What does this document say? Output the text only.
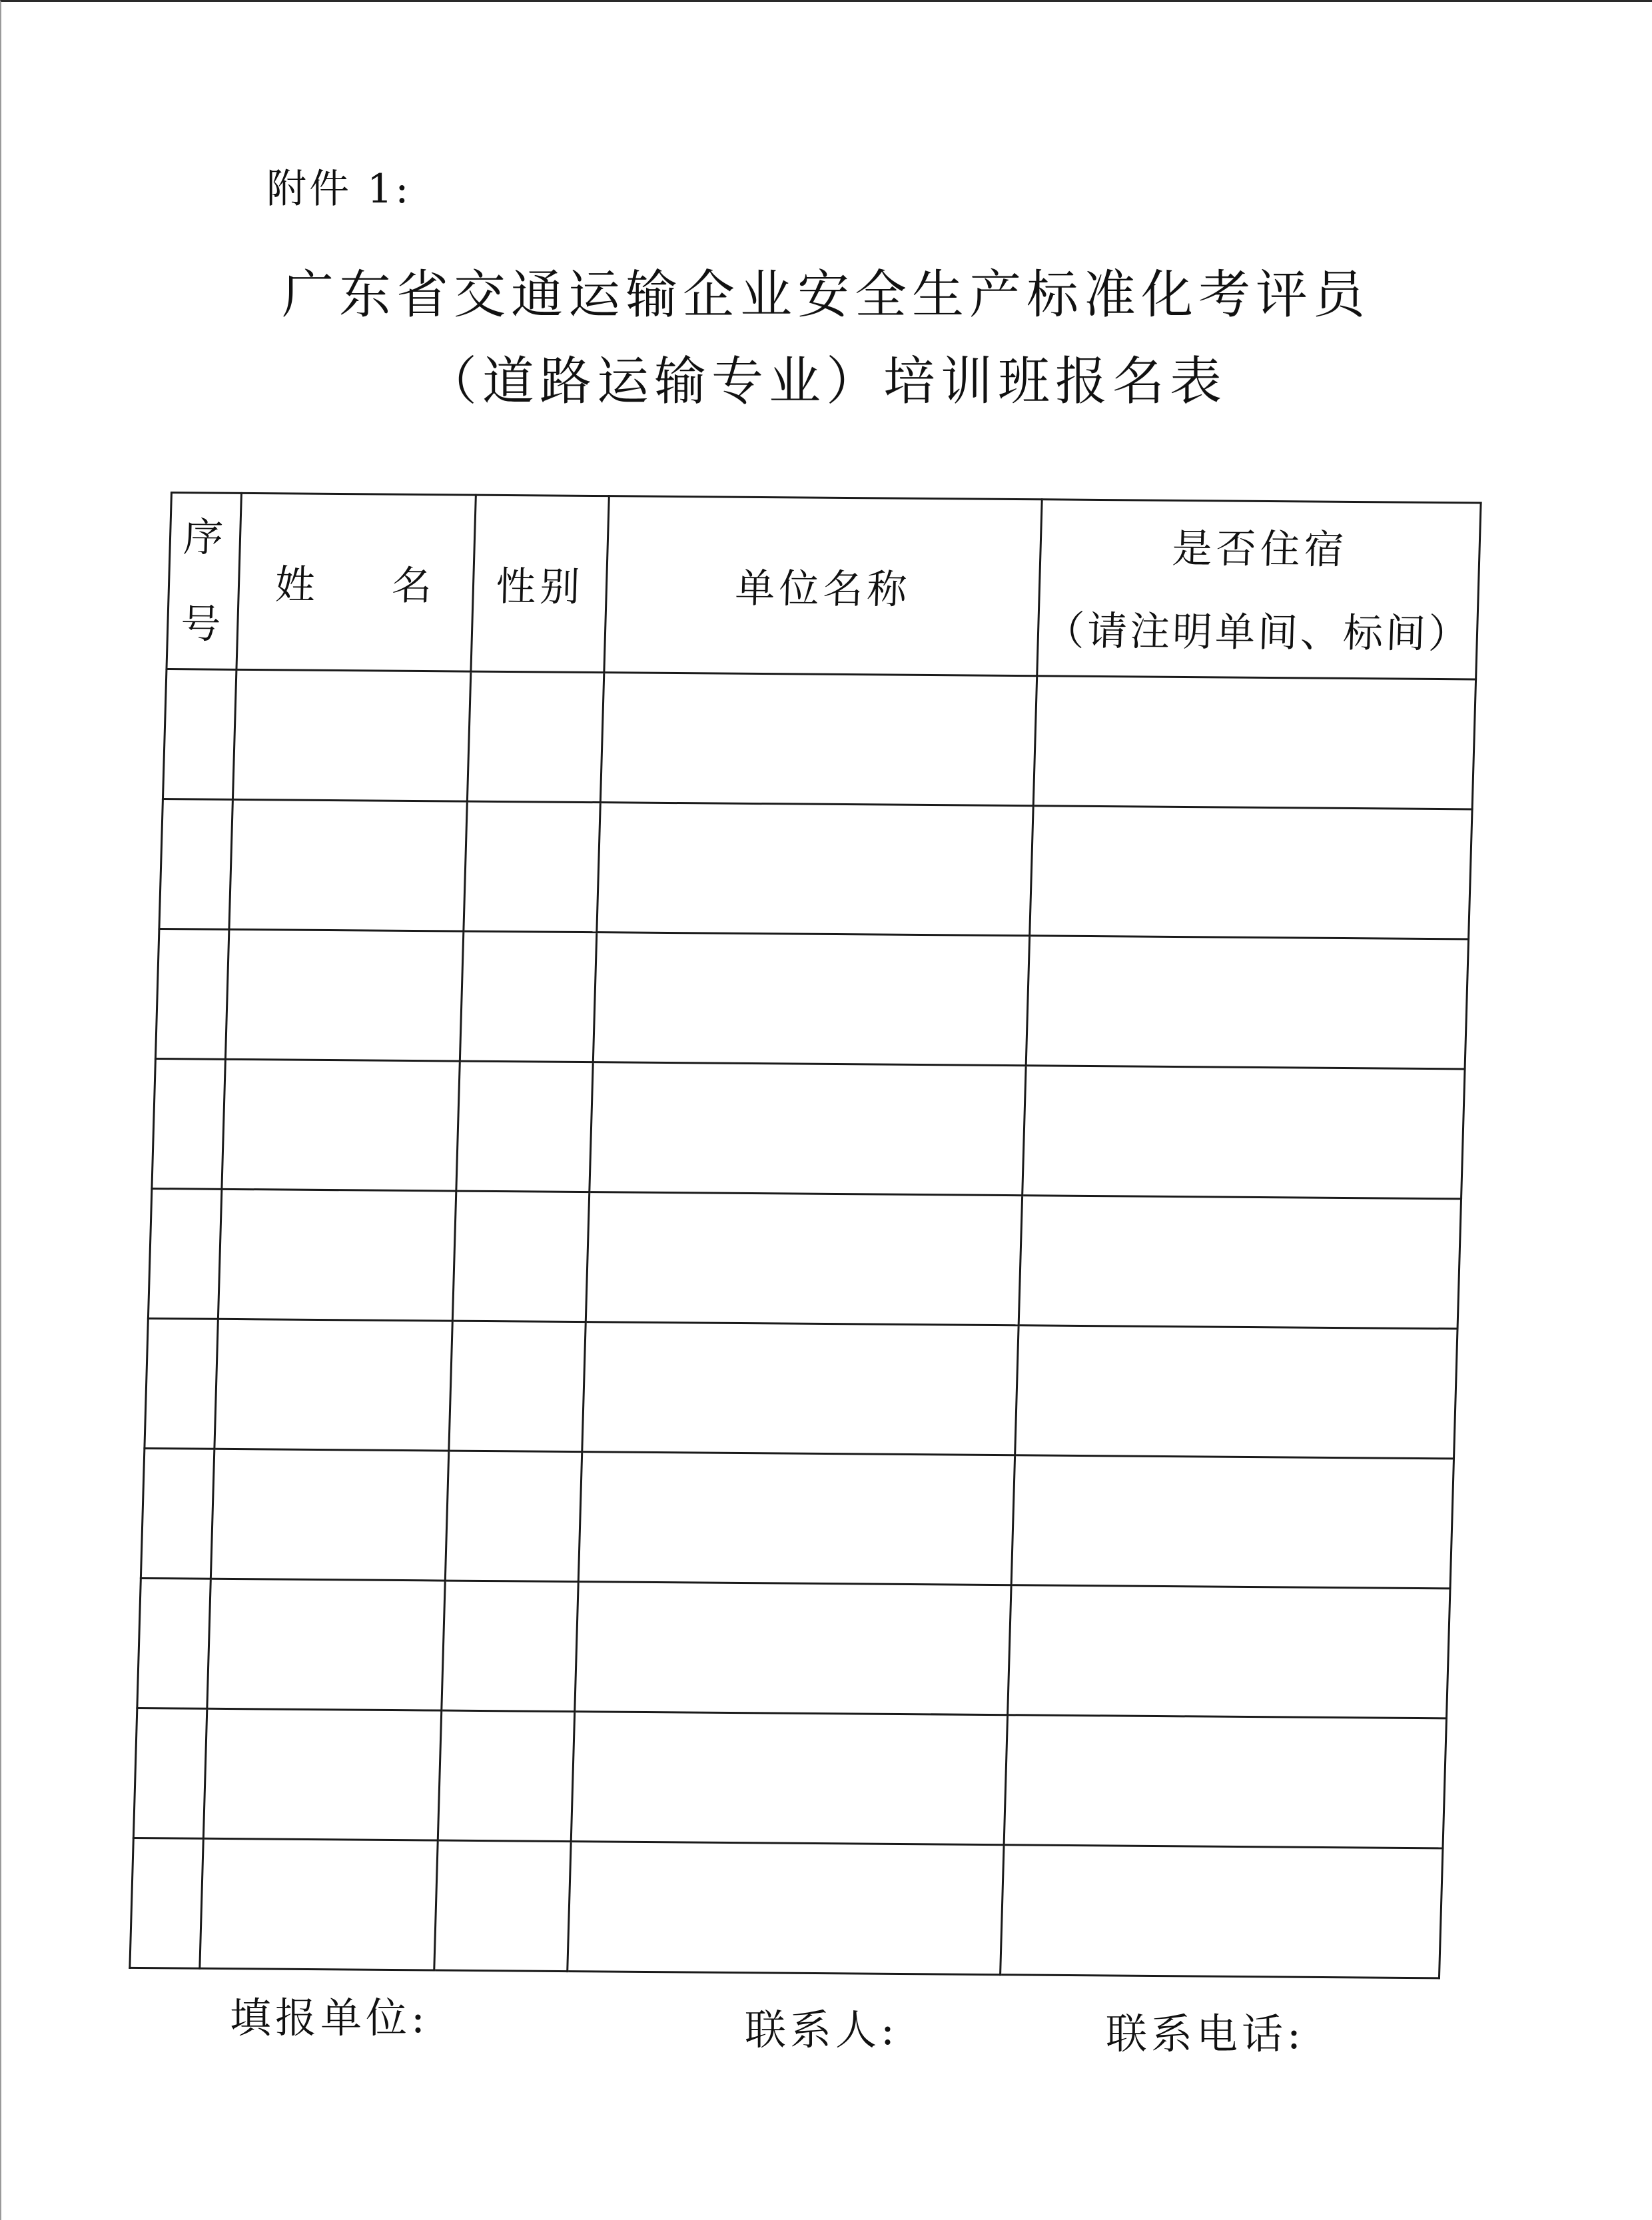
附件 1:
广东省交通运输企业安全生产标准化考评员
（道路运输专业）培训班报名表
序
号	姓 名	性别	单位名称	是否住宿
（请注明单间、标间）

填报单位:	联系人:	联系电话:
